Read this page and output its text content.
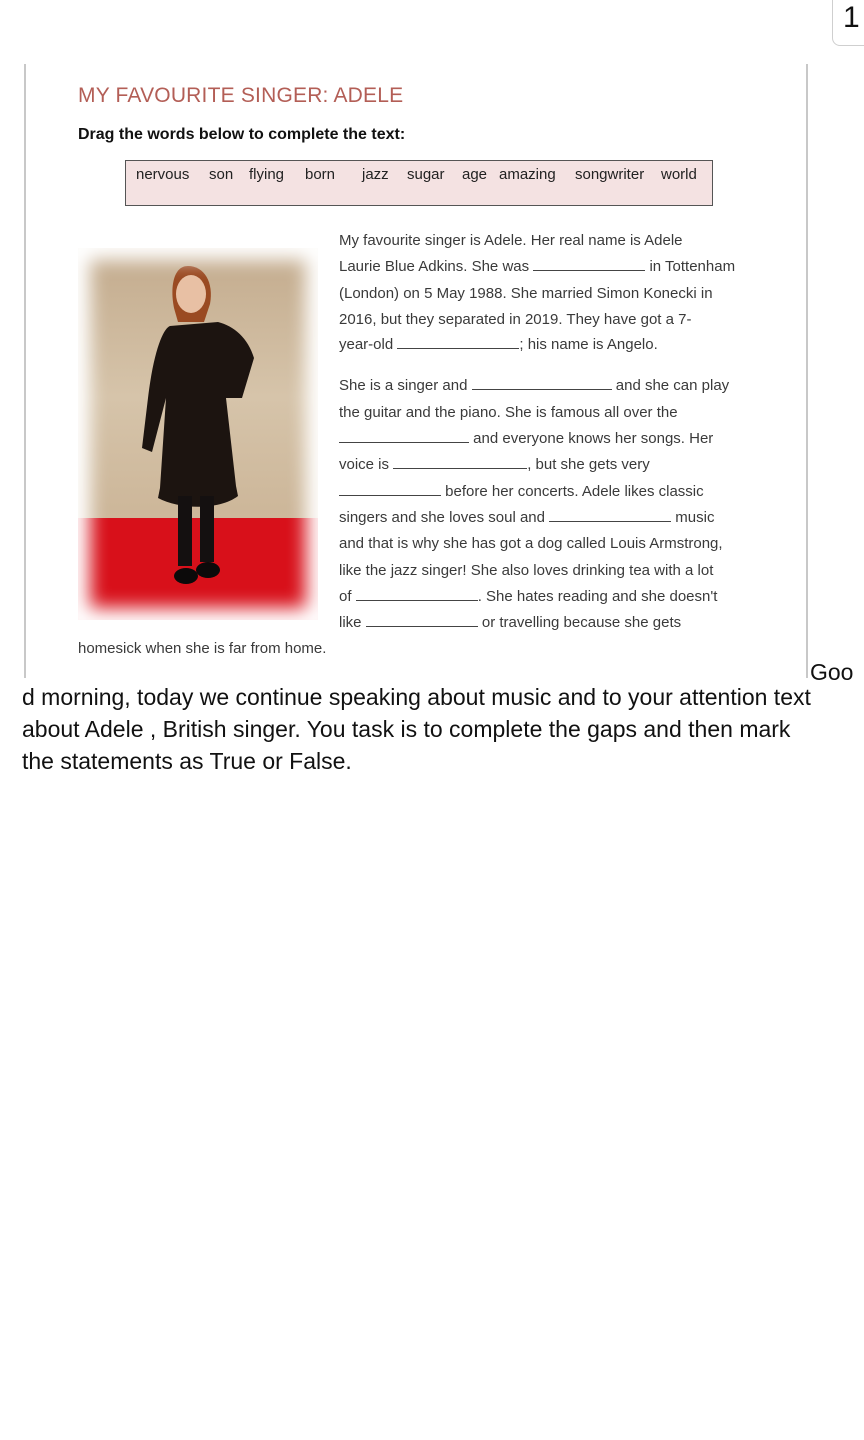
1
MY FAVOURITE SINGER: ADELE
Drag the words below to complete the text:
nervous son flying born jazz sugar age amazing songwriter world
My favourite singer is Adele. Her real name is Adele
Laurie Blue Adkins. She was	in Tottenham
(London) on 5 May 1988. She married Simon Konecki in
2016, but they separated in 2019. They have got a 7-
year-old	; his name is Angelo.
She is a singer and	and she can play
the guitar and the piano. She is famous all over the
and everyone knows her songs. Her
voice is	, but she gets very
before her concerts. Adele likes classic
singers and she loves soul and	music
and that is why she has got a dog called Louis Armstrong,
like the jazz singer! She also loves drinking tea with a lot
of	. She hates reading and she doesn't
like	or travelling because she gets
homesick when she is far from home.
Goo
d morning, today we continue speaking about music and to your attention text
about Adele , British singer. You task is to complete the gaps and then mark
the statements as True or False.
